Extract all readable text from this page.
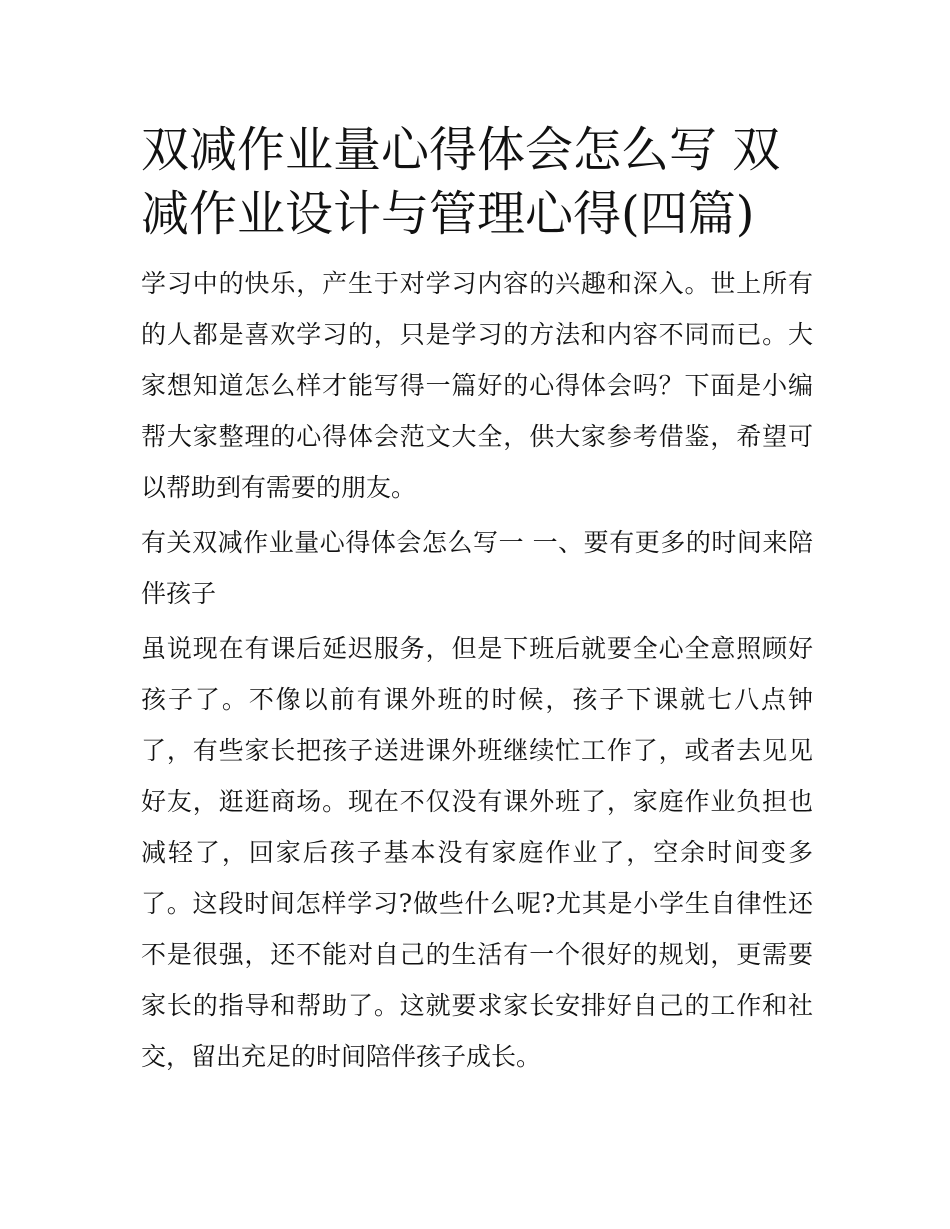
双减作业量心得体会怎么写 双减作业设计与管理心得(四篇)

学习中的快乐，产生于对学习内容的兴趣和深入。世上所有的人都是喜欢学习的，只是学习的方法和内容不同而已。大家想知道怎么样才能写得一篇好的心得体会吗？下面是小编帮大家整理的心得体会范文大全，供大家参考借鉴，希望可以帮助到有需要的朋友。

有关双减作业量心得体会怎么写一 一、要有更多的时间来陪伴孩子

虽说现在有课后延迟服务，但是下班后就要全心全意照顾好孩子了。不像以前有课外班的时候，孩子下课就七八点钟了，有些家长把孩子送进课外班继续忙工作了，或者去见见好友，逛逛商场。现在不仅没有课外班了，家庭作业负担也减轻了，回家后孩子基本没有家庭作业了，空余时间变多了。这段时间怎样学习?做些什么呢?尤其是小学生自律性还不是很强，还不能对自己的生活有一个很好的规划，更需要家长的指导和帮助了。这就要求家长安排好自己的工作和社交，留出充足的时间陪伴孩子成长。
